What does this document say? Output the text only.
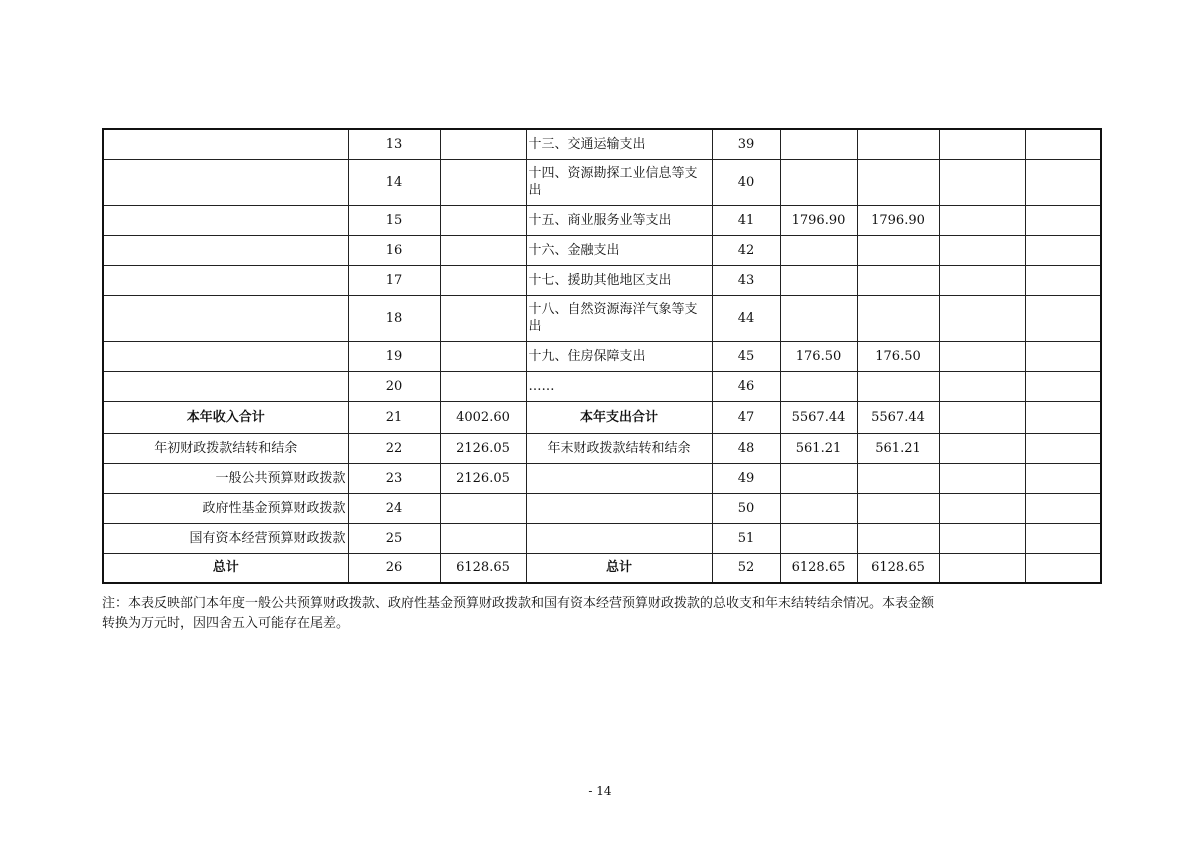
	13		十三、交通运输支出	39				
	14		十四、资源勘探工业信息等支出	40				
	15		十五、商业服务业等支出	41	1796.90	1796.90		
	16		十六、金融支出	42				
	17		十七、援助其他地区支出	43				
	18		十八、自然资源海洋气象等支出	44				
	19		十九、住房保障支出	45	176.50	176.50		
	20		……	46				
本年收入合计	21	4002.60	本年支出合计	47	5567.44	5567.44		
年初财政拨款结转和结余	22	2126.05	年末财政拨款结转和结余	48	561.21	561.21		
一般公共预算财政拨款	23	2126.05		49				
政府性基金预算财政拨款	24			50				
国有资本经营预算财政拨款	25			51				
总计	26	6128.65	总计	52	6128.65	6128.65		
注：本表反映部门本年度一般公共预算财政拨款、政府性基金预算财政拨款和国有资本经营预算财政拨款的总收支和年末结转结余情况。本表金额
转换为万元时，因四舍五入可能存在尾差。
- 14
